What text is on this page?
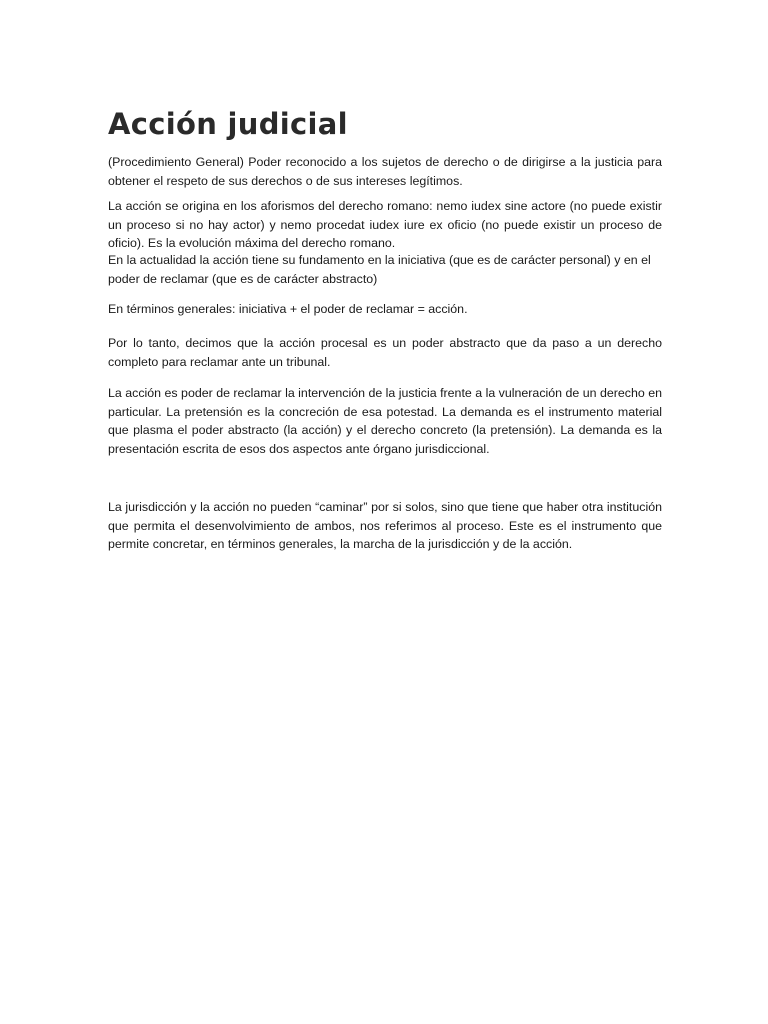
Acción judicial

(Procedimiento General) Poder reconocido a los sujetos de derecho o de dirigirse a la justicia para obtener el respeto de sus derechos o de sus intereses legítimos.

La acción se origina en los aforismos del derecho romano: nemo iudex sine actore (no puede existir un proceso si no hay actor) y nemo procedat iudex iure ex oficio (no puede existir un proceso de oficio). Es la evolución máxima del derecho romano.

En la actualidad la acción tiene su fundamento en la iniciativa (que es de carácter personal) y en el poder de reclamar (que es de carácter abstracto)

En términos generales: iniciativa + el poder de reclamar = acción.

Por lo tanto, decimos que la acción procesal es un poder abstracto que da paso a un derecho completo para reclamar ante un tribunal.

La acción es poder de reclamar la intervención de la justicia frente a la vulneración de un derecho en particular. La pretensión es la concreción de esa potestad. La demanda es el instrumento material que plasma el poder abstracto (la acción) y el derecho concreto (la pretensión). La demanda es la presentación escrita de esos dos aspectos ante órgano jurisdiccional.

La jurisdicción y la acción no pueden “caminar” por si solos, sino que tiene que haber otra institución que permita el desenvolvimiento de ambos, nos referimos al proceso. Este es el instrumento que permite concretar, en términos generales, la marcha de la jurisdicción y de la acción.
